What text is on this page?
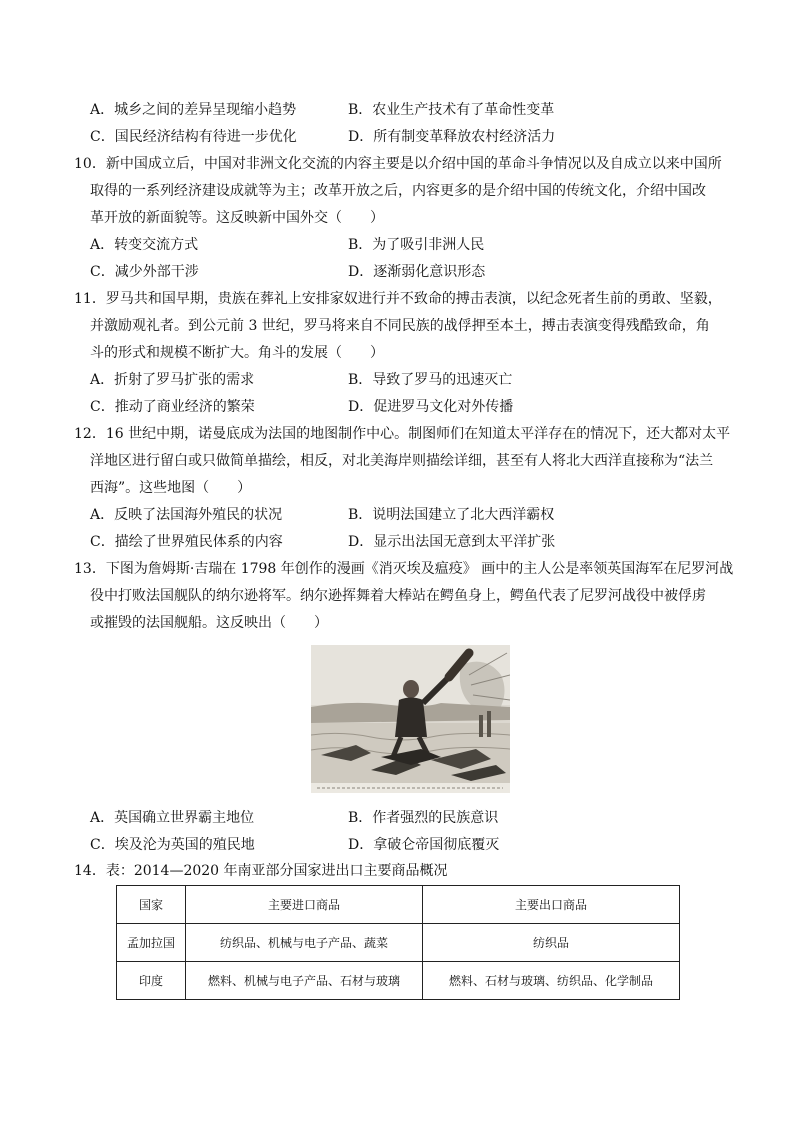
A．城乡之间的差异呈现缩小趋势	B．农业生产技术有了革命性变革
C．国民经济结构有待进一步优化	D．所有制变革释放农村经济活力
10．新中国成立后，中国对非洲文化交流的内容主要是以介绍中国的革命斗争情况以及自成立以来中国所
取得的一系列经济建设成就等为主；改革开放之后，内容更多的是介绍中国的传统文化，介绍中国改
革开放的新面貌等。这反映新中国外交（　　）
A．转变交流方式	B．为了吸引非洲人民
C．减少外部干涉	D．逐渐弱化意识形态
11．罗马共和国早期，贵族在葬礼上安排家奴进行并不致命的搏击表演，以纪念死者生前的勇敢、坚毅，
并激励观礼者。到公元前 3 世纪，罗马将来自不同民族的战俘押至本土，搏击表演变得残酷致命，角
斗的形式和规模不断扩大。角斗的发展（　　）
A．折射了罗马扩张的需求	B．导致了罗马的迅速灭亡
C．推动了商业经济的繁荣	D．促进罗马文化对外传播
12．16 世纪中期，诺曼底成为法国的地图制作中心。制图师们在知道太平洋存在的情况下，还大都对太平
洋地区进行留白或只做简单描绘，相反，对北美海岸则描绘详细，甚至有人将北大西洋直接称为“法兰
西海”。这些地图（　　）
A．反映了法国海外殖民的状况	B．说明法国建立了北大西洋霸权
C．描绘了世界殖民体系的内容	D．显示出法国无意到太平洋扩张
13．下图为詹姆斯·吉瑞在 1798 年创作的漫画《消灭埃及瘟疫》 画中的主人公是率领英国海军在尼罗河战
役中打败法国舰队的纳尔逊将军。纳尔逊挥舞着大棒站在鳄鱼身上，鳄鱼代表了尼罗河战役中被俘虏
或摧毁的法国舰船。这反映出（　　）
A．英国确立世界霸主地位	B．作者强烈的民族意识
C．埃及沦为英国的殖民地	D．拿破仑帝国彻底覆灭
14．表：2014—2020 年南亚部分国家进出口主要商品概况
国家	主要进口商品	主要出口商品
孟加拉国	纺织品、机械与电子产品、蔬菜	纺织品
印度	燃料、机械与电子产品、石材与玻璃	燃料、石材与玻璃、纺织品、化学制品
